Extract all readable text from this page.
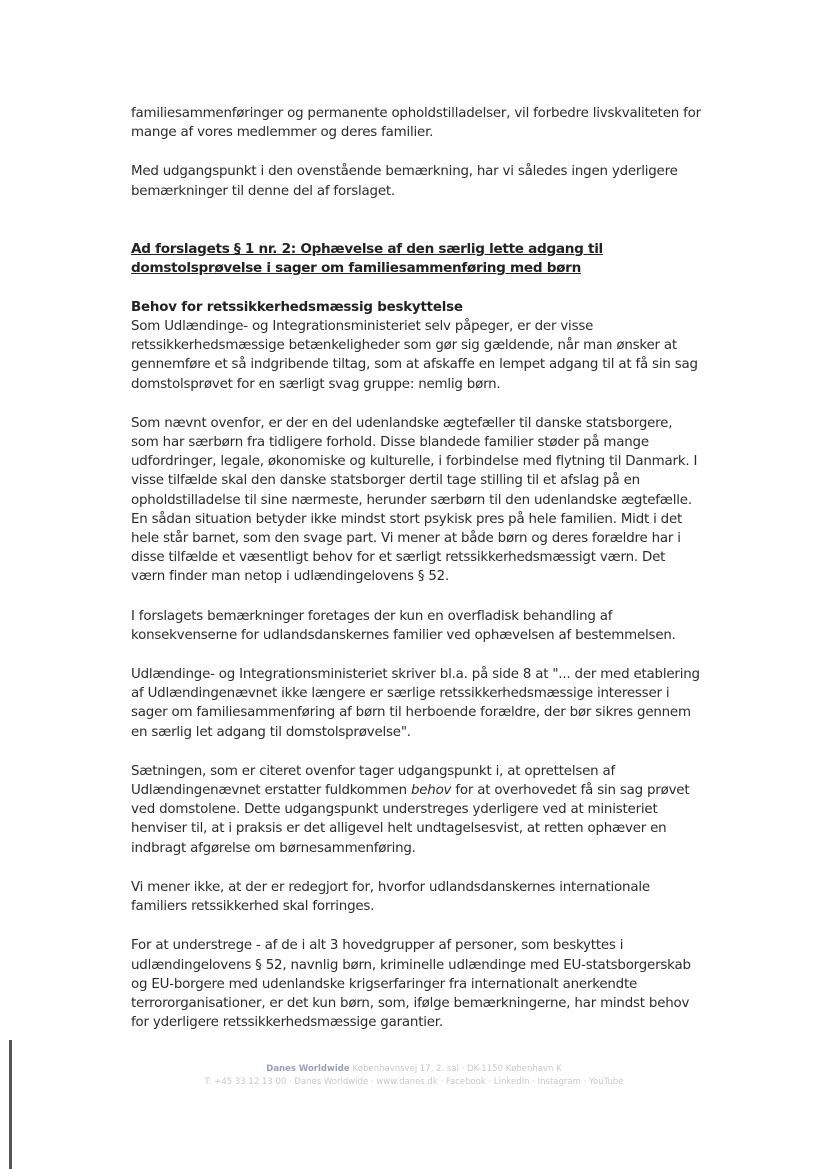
familiesammenføringer og permanente opholdstilladelser, vil forbedre livskvaliteten for mange af vores medlemmer og deres familier.

Med udgangspunkt i den ovenstående bemærkning, har vi således ingen yderligere bemærkninger til denne del af forslaget.

Ad forslagets § 1 nr. 2: Ophævelse af den særlig lette adgang til domstolsprøvelse i sager om familiesammenføring med børn

Behov for retssikkerhedsmæssig beskyttelse

Som Udlændinge- og Integrationsministeriet selv påpeger, er der visse retssikkerhedsmæssige betænkeligheder som gør sig gældende, når man ønsker at gennemføre et så indgribende tiltag, som at afskaffe en lempet adgang til at få sin sag domstolsprøvet for en særligt svag gruppe: nemlig børn.

Som nævnt ovenfor, er der en del udenlandske ægtefæller til danske statsborgere, som har særbørn fra tidligere forhold. Disse blandede familier støder på mange udfordringer, legale, økonomiske og kulturelle, i forbindelse med flytning til Danmark. I visse tilfælde skal den danske statsborger dertil tage stilling til et afslag på en opholdstilladelse til sine nærmeste, herunder særbørn til den udenlandske ægtefælle. En sådan situation betyder ikke mindst stort psykisk pres på hele familien. Midt i det hele står barnet, som den svage part. Vi mener at både børn og deres forældre har i disse tilfælde et væsentligt behov for et særligt retssikkerhedsmæssigt værn. Det værn finder man netop i udlændingelovens § 52.

I forslagets bemærkninger foretages der kun en overfladisk behandling af konsekvenserne for udlandsdanskernes familier ved ophævelsen af bestemmelsen.

Udlændinge- og Integrationsministeriet skriver bl.a. på side 8 at "... der med etablering af Udlændingenævnet ikke længere er særlige retssikkerhedsmæssige interesser i sager om familiesammenføring af børn til herboende forældre, der bør sikres gennem en særlig let adgang til domstolsprøvelse".

Sætningen, som er citeret ovenfor tager udgangspunkt i, at oprettelsen af Udlændingenævnet erstatter fuldkommen behov for at overhovedet få sin sag prøvet ved domstolene. Dette udgangspunkt understreges yderligere ved at ministeriet henviser til, at i praksis er det alligevel helt undtagelsesvist, at retten ophæver en indbragt afgørelse om børnesammenføring.

Vi mener ikke, at der er redegjort for, hvorfor udlandsdanskernes internationale familiers retssikkerhed skal forringes.

For at understrege - af de i alt 3 hovedgrupper af personer, som beskyttes i udlændingelovens § 52, navnlig børn, kriminelle udlændinge med EU-statsborgerskab og EU-borgere med udenlandske krigserfaringer fra internationalt anerkendte terrororganisationer, er det kun børn, som, ifølge bemærkningerne, har mindst behov for yderligere retssikkerhedsmæssige garantier.

Danes Worldwide Københavnsvej 17, 2. sal · DK-1150 København K
T: +45 33 12 13 00 · Danes Worldwide · www.danes.dk · Facebook · LinkedIn · Instagram · YouTube
